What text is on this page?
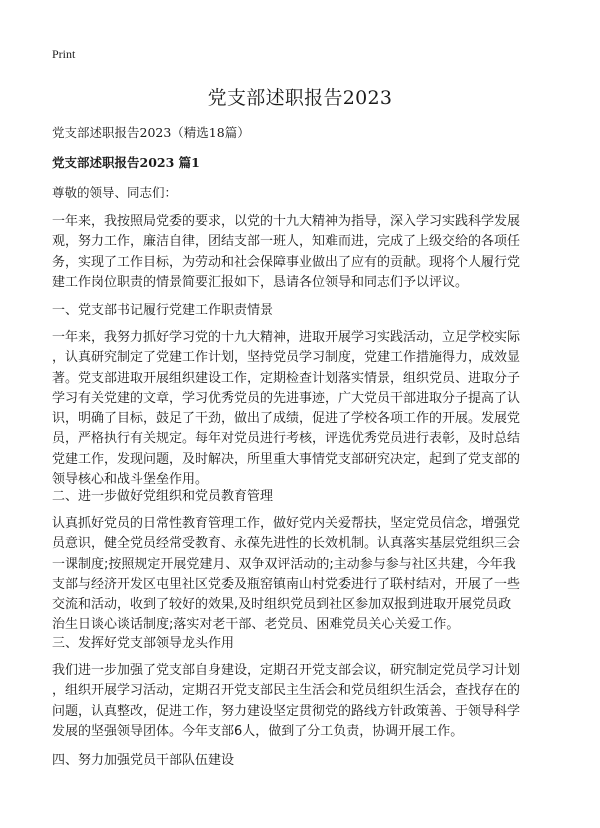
Print
党支部述职报告2023
党支部述职报告2023（精选18篇）
党支部述职报告2023 篇1
尊敬的领导、同志们：
一年来，我按照局党委的要求，以党的十九大精神为指导，深入学习实践科学发展
观，努力工作，廉洁自律，团结支部一班人，知难而进，完成了上级交给的各项任
务，实现了工作目标，为劳动和社会保障事业做出了应有的贡献。现将个人履行党
建工作岗位职责的情景简要汇报如下，恳请各位领导和同志们予以评议。
一、党支部书记履行党建工作职责情景
一年来，我努力抓好学习党的十九大精神，进取开展学习实践活动，立足学校实际
，认真研究制定了党建工作计划，坚持党员学习制度，党建工作措施得力，成效显
著。党支部进取开展组织建设工作，定期检查计划落实情景，组织党员、进取分子
学习有关党建的文章，学习优秀党员的先进事迹，广大党员干部进取分子提高了认
识，明确了目标，鼓足了干劲，做出了成绩，促进了学校各项工作的开展。发展党
员，严格执行有关规定。每年对党员进行考核，评选优秀党员进行表彰，及时总结
党建工作，发现问题，及时解决，所里重大事情党支部研究决定，起到了党支部的
领导核心和战斗堡垒作用。
二、进一步做好党组织和党员教育管理
认真抓好党员的日常性教育管理工作，做好党内关爱帮扶，坚定党员信念，增强党
员意识，健全党员经常受教育、永葆先进性的长效机制。认真落实基层党组织三会
一课制度;按照规定开展党建月、双争双评活动的;主动参与参与社区共建，今年我
支部与经济开发区屯里社区党委及瓶窑镇南山村党委进行了联村结对，开展了一些
交流和活动，收到了较好的效果,及时组织党员到社区参加双报到进取开展党员政
治生日谈心谈话制度;落实对老干部、老党员、困难党员关心关爱工作。
三、发挥好党支部领导龙头作用
我们进一步加强了党支部自身建设，定期召开党支部会议，研究制定党员学习计划
，组织开展学习活动，定期召开党支部民主生活会和党员组织生活会，查找存在的
问题，认真整改，促进工作，努力建设坚定贯彻党的路线方针政策善、于领导科学
发展的坚强领导团体。今年支部6人，做到了分工负责，协调开展工作。
四、努力加强党员干部队伍建设
